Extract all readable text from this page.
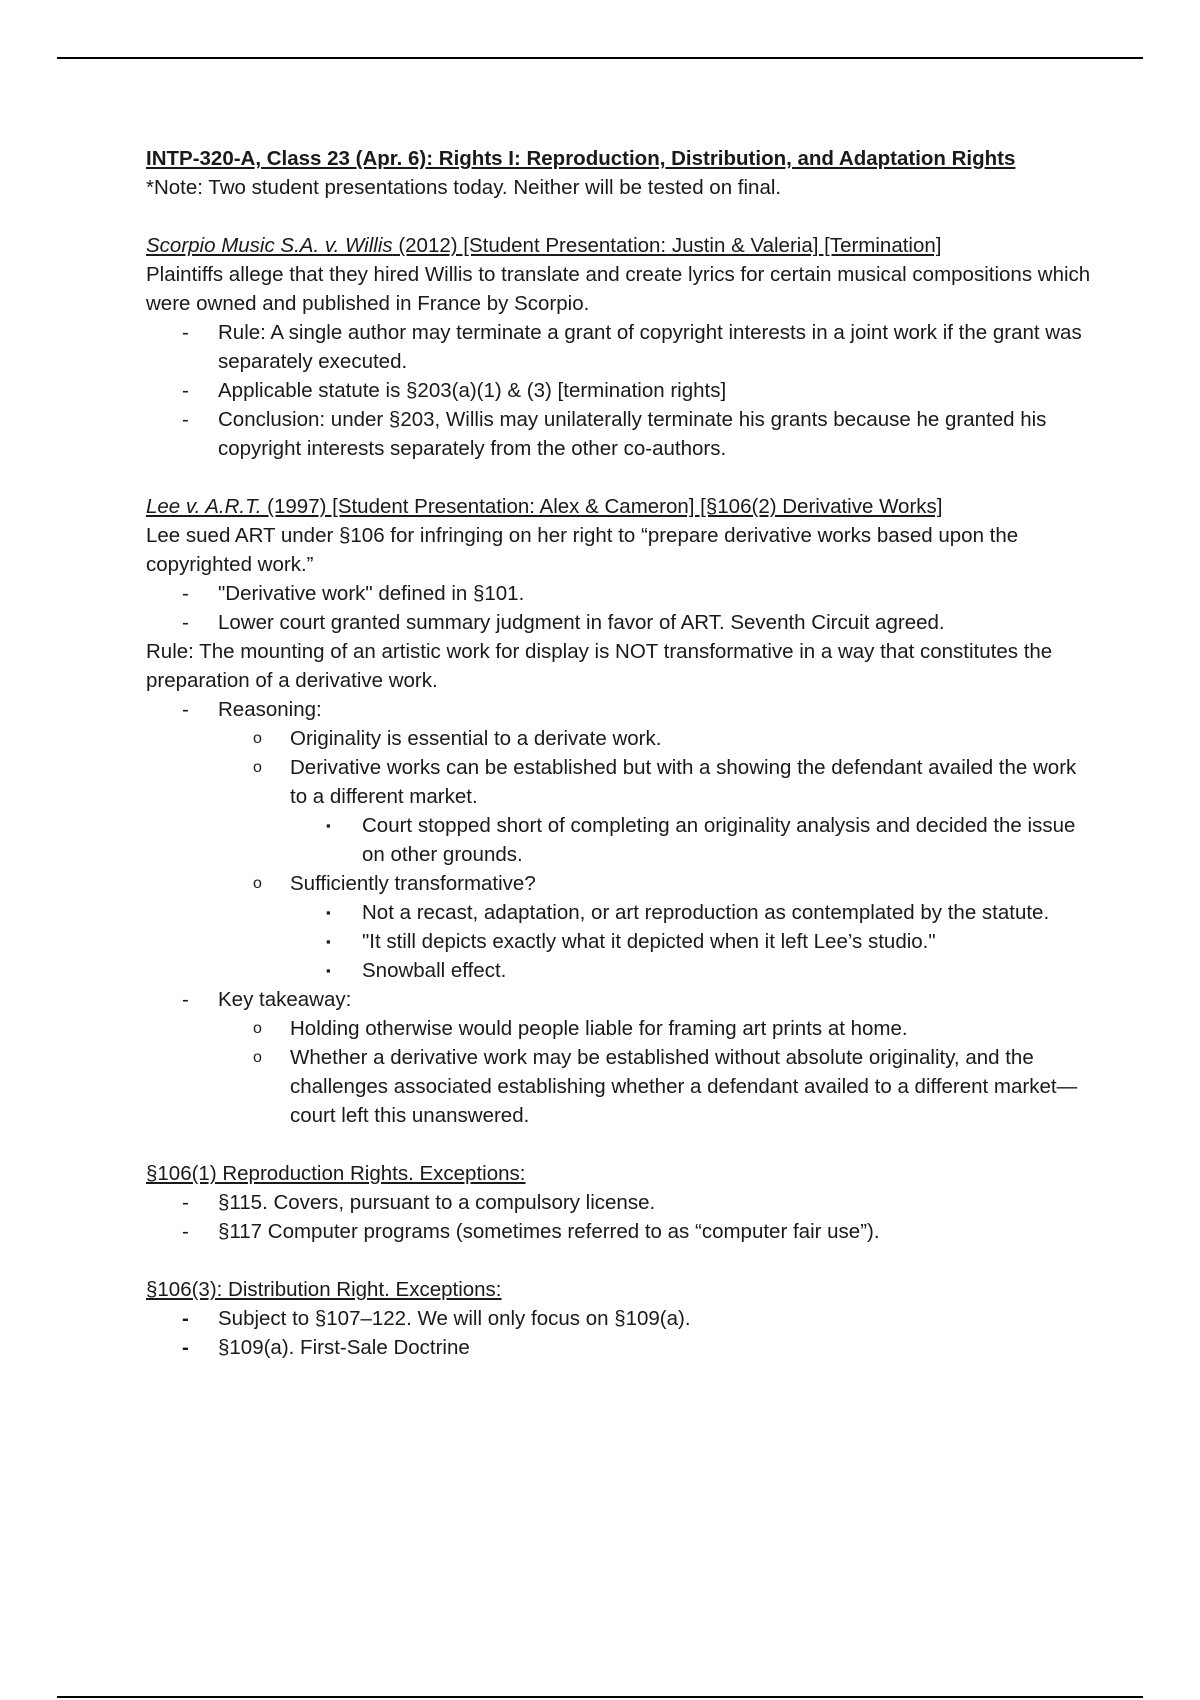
INTP-320-A, Class 23 (Apr. 6): Rights I: Reproduction, Distribution, and Adaptation Rights

*Note: Two student presentations today. Neither will be tested on final.

Scorpio Music S.A. v. Willis (2012) [Student Presentation: Justin & Valeria] [Termination]

Plaintiffs allege that they hired Willis to translate and create lyrics for certain musical compositions which were owned and published in France by Scorpio.

- Rule: A single author may terminate a grant of copyright interests in a joint work if the grant was separately executed.
- Applicable statute is §203(a)(1) & (3) [termination rights]
- Conclusion: under §203, Willis may unilaterally terminate his grants because he granted his copyright interests separately from the other co-authors.

Lee v. A.R.T. (1997) [Student Presentation: Alex & Cameron] [§106(2) Derivative Works]

Lee sued ART under §106 for infringing on her right to “prepare derivative works based upon the copyrighted work.”

- "Derivative work" defined in §101.
- Lower court granted summary judgment in favor of ART. Seventh Circuit agreed.

Rule: The mounting of an artistic work for display is NOT transformative in a way that constitutes the preparation of a derivative work.

- Reasoning:
o Originality is essential to a derivate work.
o Derivative works can be established but with a showing the defendant availed the work to a different market.
▪ Court stopped short of completing an originality analysis and decided the issue on other grounds.
o Sufficiently transformative?
▪ Not a recast, adaptation, or art reproduction as contemplated by the statute.
▪ "It still depicts exactly what it depicted when it left Lee’s studio."
▪ Snowball effect.
- Key takeaway:
o Holding otherwise would people liable for framing art prints at home.
o Whether a derivative work may be established without absolute originality, and the challenges associated establishing whether a defendant availed to a different market—court left this unanswered.

§106(1) Reproduction Rights. Exceptions:

- §115. Covers, pursuant to a compulsory license.
- §117 Computer programs (sometimes referred to as “computer fair use”).

§106(3): Distribution Right. Exceptions:

- Subject to §107–122. We will only focus on §109(a).
- §109(a). First-Sale Doctrine
